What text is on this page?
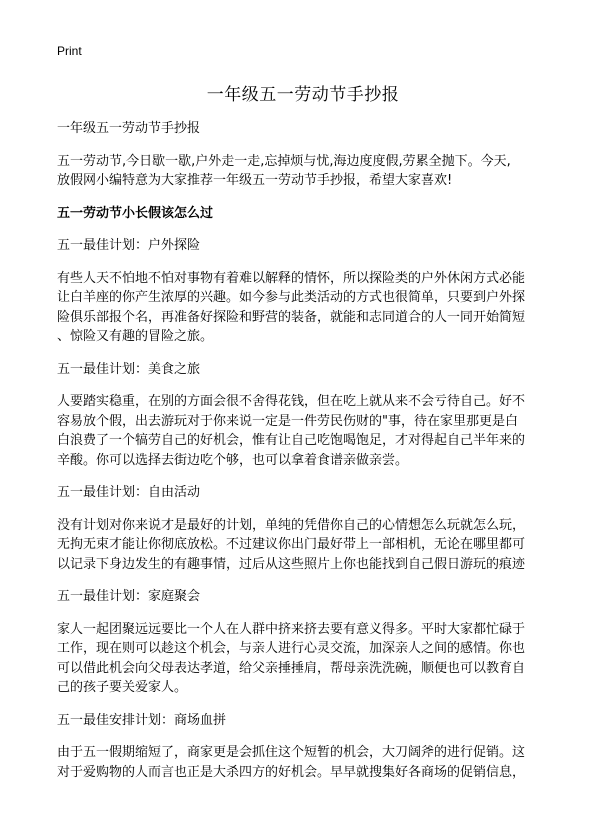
Print
一年级五一劳动节手抄报
一年级五一劳动节手抄报
五一劳动节,今日歇一歇,户外走一走,忘掉烦与忧,海边度度假,劳累全抛下。今天,
放假网小编特意为大家推荐一年级五一劳动节手抄报，希望大家喜欢!
五一劳动节小长假该怎么过
五一最佳计划：户外探险
有些人天不怕地不怕对事物有着难以解释的情怀，所以探险类的户外休闲方式必能
让白羊座的你产生浓厚的兴趣。如今参与此类活动的方式也很简单，只要到户外探
险俱乐部报个名，再准备好探险和野营的装备，就能和志同道合的人一同开始简短
、惊险又有趣的冒险之旅。
五一最佳计划：美食之旅
人要踏实稳重，在别的方面会很不舍得花钱，但在吃上就从来不会亏待自己。好不
容易放个假，出去游玩对于你来说一定是一件劳民伤财的"事，待在家里那更是白
白浪费了一个犒劳自己的好机会，惟有让自己吃饱喝饱足，才对得起自己半年来的
辛酸。你可以选择去街边吃个够，也可以拿着食谱亲做亲尝。
五一最佳计划：自由活动
没有计划对你来说才是最好的计划，单纯的凭借你自己的心情想怎么玩就怎么玩，
无拘无束才能让你彻底放松。不过建议你出门最好带上一部相机，无论在哪里都可
以记录下身边发生的有趣事情，过后从这些照片上你也能找到自己假日游玩的痕迹
五一最佳计划：家庭聚会
家人一起团聚远远要比一个人在人群中挤来挤去要有意义得多。平时大家都忙碌于
工作，现在则可以趁这个机会，与亲人进行心灵交流，加深亲人之间的感情。你也
可以借此机会向父母表达孝道，给父亲捶捶肩，帮母亲洗洗碗，顺便也可以教育自
己的孩子要关爱家人。
五一最佳安排计划：商场血拼
由于五一假期缩短了，商家更是会抓住这个短暂的机会，大刀阔斧的进行促销。这
对于爱购物的人而言也正是大杀四方的好机会。早早就搜集好各商场的促销信息，
